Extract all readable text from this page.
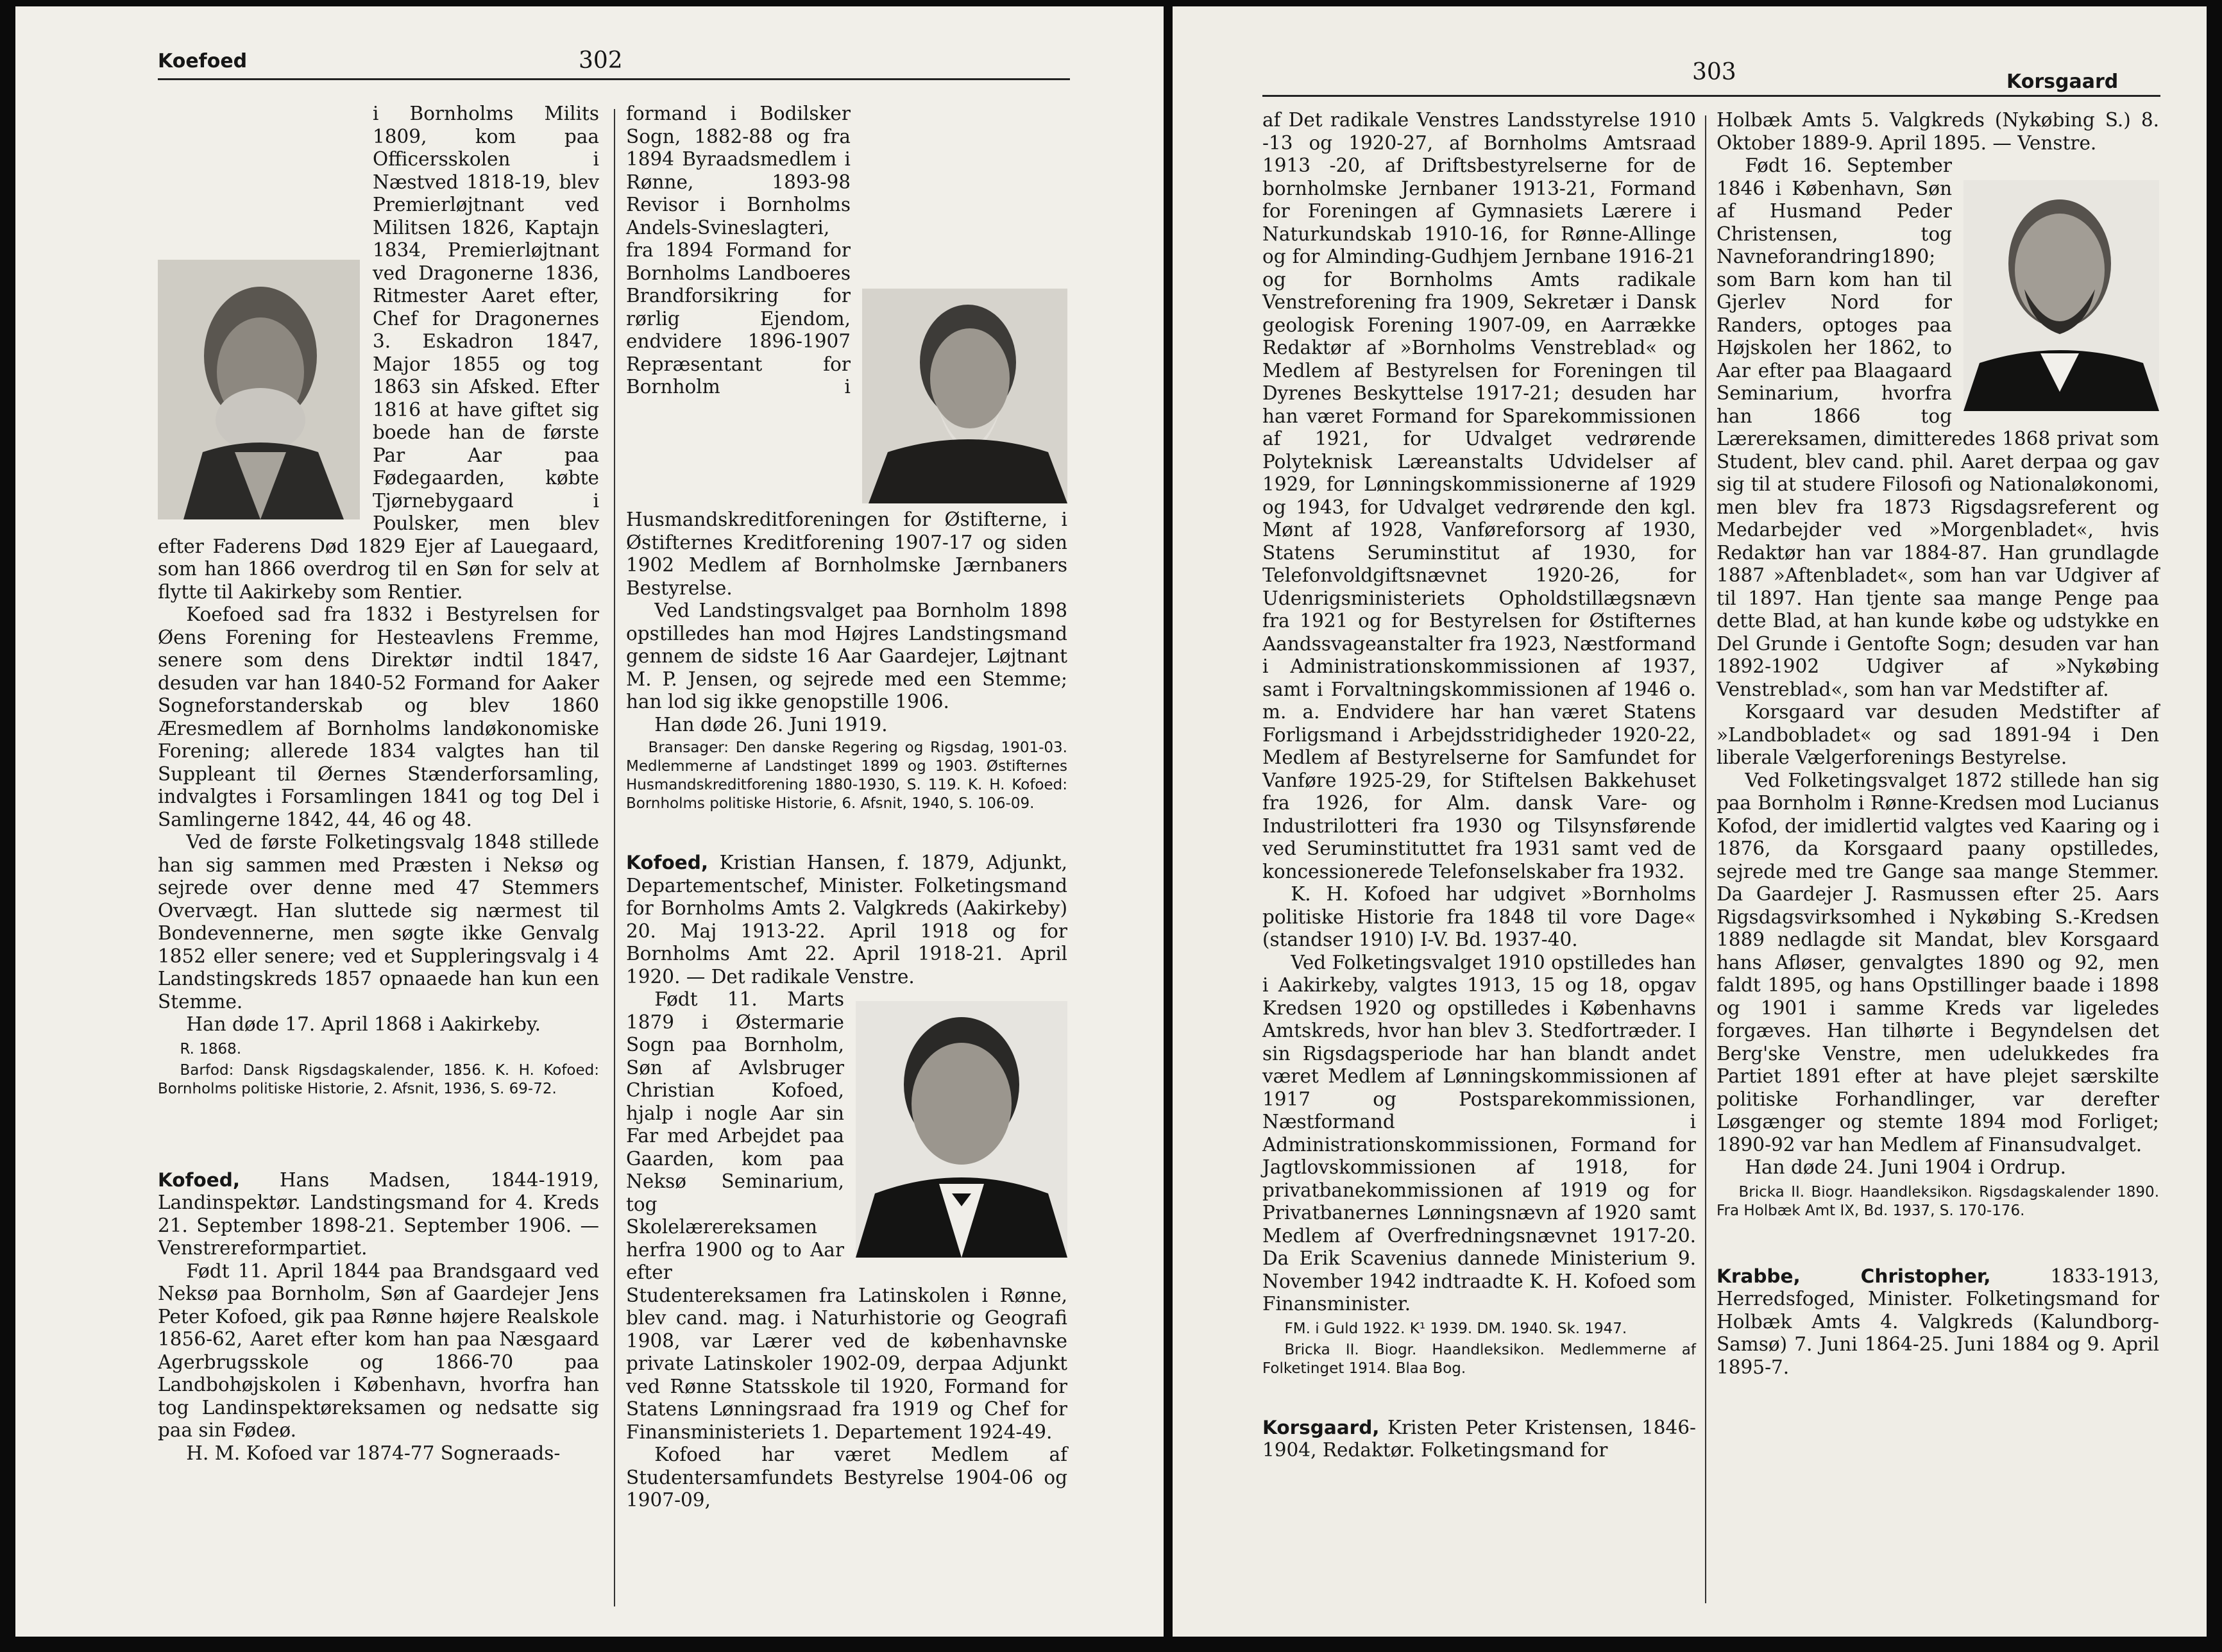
Koefoed	302

i Bornholms Milits 1809, kom paa Officersskolen i Næstved 1818-19, blev Premierløjtnant ved Militsen 1826, Kaptajn 1834, Premierløjtnant ved Dragonerne 1836, Ritmester Aaret efter, Chef for Dragonernes 3. Eskadron 1847, Major 1855 og tog 1863 sin Afsked. Efter 1816 at have giftet sig boede han de første Par Aar paa Fødegaarden, købte Tjørnebygaard i Poulsker, men blev efter Faderens Død 1829 Ejer af Lauegaard, som han 1866 overdrog til en Søn for selv at flytte til Aakirkeby som Rentier.

Koefoed sad fra 1832 i Bestyrelsen for Øens Forening for Hesteavlens Fremme, senere som dens Direktør indtil 1847, desuden var han 1840-52 Formand for Aaker Sogneforstanderskab og blev 1860 Æresmedlem af Bornholms landøkonomiske Forening; allerede 1834 valgtes han til Suppleant til Øernes Stænderforsamling, indvalgtes i Forsamlingen 1841 og tog Del i Samlingerne 1842, 44, 46 og 48.

Ved de første Folketingsvalg 1848 stillede han sig sammen med Præsten i Neksø og sejrede over denne med 47 Stemmers Overvægt. Han sluttede sig nærmest til Bondevennerne, men søgte ikke Genvalg 1852 eller senere; ved et Suppleringsvalg i 4 Landstingskreds 1857 opnaaede han kun een Stemme.

Han døde 17. April 1868 i Aakirkeby.

R. 1868.

Barfod: Dansk Rigsdagskalender, 1856. K. H. Kofoed: Bornholms politiske Historie, 2. Afsnit, 1936, S. 69-72.

Kofoed, Hans Madsen, 1844-1919, Landinspektør. Landstingsmand for 4. Kreds 21. September 1898-21. September 1906. — Venstrereformpartiet.

Født 11. April 1844 paa Brandsgaard ved Neksø paa Bornholm, Søn af Gaardejer Jens Peter Kofoed, gik paa Rønne højere Realskole 1856-62, Aaret efter kom han paa Næsgaard Agerbrugsskole og 1866-70 paa Landbohøjskolen i København, hvorfra han tog Landinspektøreksamen og nedsatte sig paa sin Fødeø.

H. M. Kofoed var 1874-77 Sogneraads-

formand i Bodilsker Sogn, 1882-88 og fra 1894 Byraadsmedlem i Rønne, 1893-98 Revisor i Bornholms Andels-Svineslagteri, fra 1894 Formand for Bornholms Landboeres Brandforsikring for rørlig Ejendom, endvidere 1896-1907 Repræsentant for Bornholm i Husmandskreditforeningen for Østifterne, i Østifternes Kreditforening 1907-17 og siden 1902 Medlem af Bornholmske Jærnbaners Bestyrelse.

Ved Landstingsvalget paa Bornholm 1898 opstilledes han mod Højres Landstingsmand gennem de sidste 16 Aar Gaardejer, Løjtnant M. P. Jensen, og sejrede med een Stemme; han lod sig ikke genopstille 1906.

Han døde 26. Juni 1919.

Bransager: Den danske Regering og Rigsdag, 1901-03. Medlemmerne af Landstinget 1899 og 1903. Østifternes Husmandskreditforening 1880-1930, S. 119. K. H. Kofoed: Bornholms politiske Historie, 6. Afsnit, 1940, S. 106-09.

Kofoed, Kristian Hansen, f. 1879, Adjunkt, Departementschef, Minister. Folketingsmand for Bornholms Amts 2. Valgkreds (Aakirkeby) 20. Maj 1913-22. April 1918 og for Bornholms Amt 22. April 1918-21. April 1920. — Det radikale Venstre.

Født 11. Marts 1879 i Østermarie Sogn paa Bornholm, Søn af Avlsbruger Christian Kofoed, hjalp i nogle Aar sin Far med Arbejdet paa Gaarden, kom paa Neksø Seminarium, tog Skolelærereksamen herfra 1900 og to Aar efter Studentereksamen fra Latinskolen i Rønne, blev cand. mag. i Naturhistorie og Geografi 1908, var Lærer ved de københavnske private Latinskoler 1902-09, derpaa Adjunkt ved Rønne Statsskole til 1920, Formand for Statens Lønningsraad fra 1919 og Chef for Finansministeriets 1. Departement 1924-49.

Kofoed har været Medlem af Studentersamfundets Bestyrelse 1904-06 og 1907-09,

303	Korsgaard

af Det radikale Venstres Landsstyrelse 1910 -13 og 1920-27, af Bornholms Amtsraad 1913 -20, af Driftsbestyrelserne for de bornholmske Jernbaner 1913-21, Formand for Foreningen af Gymnasiets Lærere i Naturkundskab 1910-16, for Rønne-Allinge og for Alminding-Gudhjem Jernbane 1916-21 og for Bornholms Amts radikale Venstreforening fra 1909, Sekretær i Dansk geologisk Forening 1907-09, en Aarrække Redaktør af »Bornholms Venstreblad« og Medlem af Bestyrelsen for Foreningen til Dyrenes Beskyttelse 1917-21; desuden har han været Formand for Sparekommissionen af 1921, for Udvalget vedrørende Polyteknisk Læreanstalts Udvidelser af 1929, for Lønningskommissionerne af 1929 og 1943, for Udvalget vedrørende den kgl. Mønt af 1928, Vanføreforsorg af 1930, Statens Seruminstitut af 1930, for Telefonvoldgiftsnævnet 1920-26, for Udenrigsministeriets Opholdstillægsnævn fra 1921 og for Bestyrelsen for Østifternes Aandssvageanstalter fra 1923, Næstformand i Administrationskommissionen af 1937, samt i Forvaltningskommissionen af 1946 o. m. a. Endvidere har han været Statens Forligsmand i Arbejdsstridigheder 1920-22, Medlem af Bestyrelserne for Samfundet for Vanføre 1925-29, for Stiftelsen Bakkehuset fra 1926, for Alm. dansk Vare- og Industrilotteri fra 1930 og Tilsynsførende ved Seruminstituttet fra 1931 samt ved de koncessionerede Telefonselskaber fra 1932.

K. H. Kofoed har udgivet »Bornholms politiske Historie fra 1848 til vore Dage« (standser 1910) I-V. Bd. 1937-40.

Ved Folketingsvalget 1910 opstilledes han i Aakirkeby, valgtes 1913, 15 og 18, opgav Kredsen 1920 og opstilledes i Københavns Amtskreds, hvor han blev 3. Stedfortræder. I sin Rigsdagsperiode har han blandt andet været Medlem af Lønningskommissionen af 1917 og Postsparekommissionen, Næstformand i Administrationskommissionen, Formand for Jagtlovskommissionen af 1918, for privatbanekommissionen af 1919 og for Privatbanernes Lønningsnævn af 1920 samt Medlem af Overfredningsnævnet 1917-20. Da Erik Scavenius dannede Ministerium 9. November 1942 indtraadte K. H. Kofoed som Finansminister.

FM. i Guld 1922. K¹ 1939. DM. 1940. Sk. 1947.

Bricka II. Biogr. Haandleksikon. Medlemmerne af Folketinget 1914. Blaa Bog.

Korsgaard, Kristen Peter Kristensen, 1846-1904, Redaktør. Folketingsmand for

Holbæk Amts 5. Valgkreds (Nykøbing S.) 8. Oktober 1889-9. April 1895. — Venstre.

Født 16. September 1846 i København, Søn af Husmand Peder Christensen, tog Navneforandring1890; som Barn kom han til Gjerlev Nord for Randers, optoges paa Højskolen her 1862, to Aar efter paa Blaagaard Seminarium, hvorfra han 1866 tog Lærereksamen, dimitteredes 1868 privat som Student, blev cand. phil. Aaret derpaa og gav sig til at studere Filosofi og Nationaløkonomi, men blev fra 1873 Rigsdagsreferent og Medarbejder ved »Morgenbladet«, hvis Redaktør han var 1884-87. Han grundlagde 1887 »Aftenbladet«, som han var Udgiver af til 1897. Han tjente saa mange Penge paa dette Blad, at han kunde købe og udstykke en Del Grunde i Gentofte Sogn; desuden var han 1892-1902 Udgiver af »Nykøbing Venstreblad«, som han var Medstifter af.

Korsgaard var desuden Medstifter af »Landbobladet« og sad 1891-94 i Den liberale Vælgerforenings Bestyrelse.

Ved Folketingsvalget 1872 stillede han sig paa Bornholm i Rønne-Kredsen mod Lucianus Kofod, der imidlertid valgtes ved Kaaring og i 1876, da Korsgaard paany opstilledes, sejrede med tre Gange saa mange Stemmer. Da Gaardejer J. Rasmussen efter 25. Aars Rigsdagsvirksomhed i Nykøbing S.-Kredsen 1889 nedlagde sit Mandat, blev Korsgaard hans Afløser, genvalgtes 1890 og 92, men faldt 1895, og hans Opstillinger baade i 1898 og 1901 i samme Kreds var ligeledes forgæves. Han tilhørte i Begyndelsen det Berg'ske Venstre, men udelukkedes fra Partiet 1891 efter at have plejet særskilte politiske Forhandlinger, var derefter Løsgænger og stemte 1894 mod Forliget; 1890-92 var han Medlem af Finansudvalget.

Han døde 24. Juni 1904 i Ordrup.

Bricka II. Biogr. Haandleksikon. Rigsdagskalender 1890. Fra Holbæk Amt IX, Bd. 1937, S. 170-176.

Krabbe, Christopher, 1833-1913, Herredsfoged, Minister. Folketingsmand for Holbæk Amts 4. Valgkreds (Kalundborg-Samsø) 7. Juni 1864-25. Juni 1884 og 9. April 1895-7.
